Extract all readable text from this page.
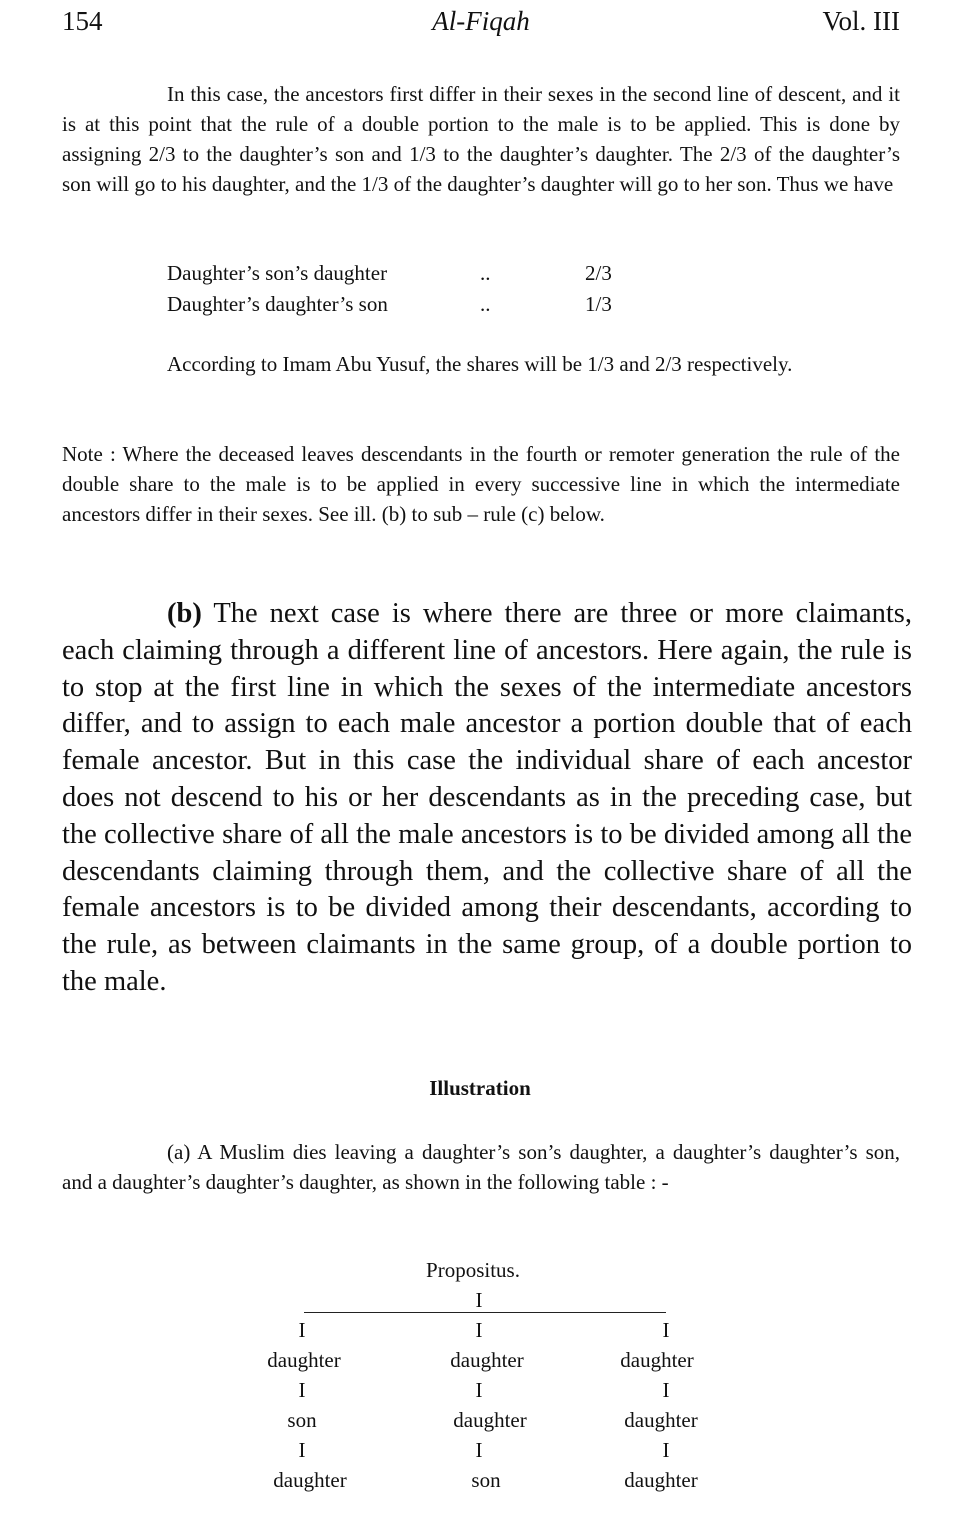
154	Al-Fiqah	Vol. III
In this case, the ancestors first differ in their sexes in the second line of descent, and it is at this point that the rule of a double portion to the male is to be applied. This is done by assigning 2/3 to the daughter’s son and 1/3 to the daughter’s daughter. The 2/3 of the daughter’s son will go to his daughter, and the 1/3 of the daughter’s daughter will go to her son. Thus we have
Daughter’s son’s daughter	..	2/3
Daughter’s daughter’s son	..	1/3
According to Imam Abu Yusuf, the shares will be 1/3 and 2/3 respectively.
Note : Where the deceased leaves descendants in the fourth or remoter generation the rule of the double share to the male is to be applied in every successive line in which the intermediate ancestors differ in their sexes. See ill. (b) to sub – rule (c) below.
(b) The next case is where there are three or more claimants, each claiming through a different line of ancestors. Here again, the rule is to stop at the first line in which the sexes of the intermediate ancestors differ, and to assign to each male ancestor a portion double that of each female ancestor. But in this case the individual share of each ancestor does not descend to his or her descendants as in the preceding case, but the collective share of all the male ancestors is to be divided among all the descendants claiming through them, and the collective share of all the female ancestors is to be divided among their descendants, according to the rule, as between claimants in the same group, of a double portion to the male.
Illustration
(a) A Muslim dies leaving a daughter’s son’s daughter, a daughter’s daughter’s son, and a daughter’s daughter’s daughter, as shown in the following table : -
Propositus.
I
I	I	I
daughter	daughter	daughter
I	I	I
son	daughter	daughter
I	I	I
daughter	son	daughter
